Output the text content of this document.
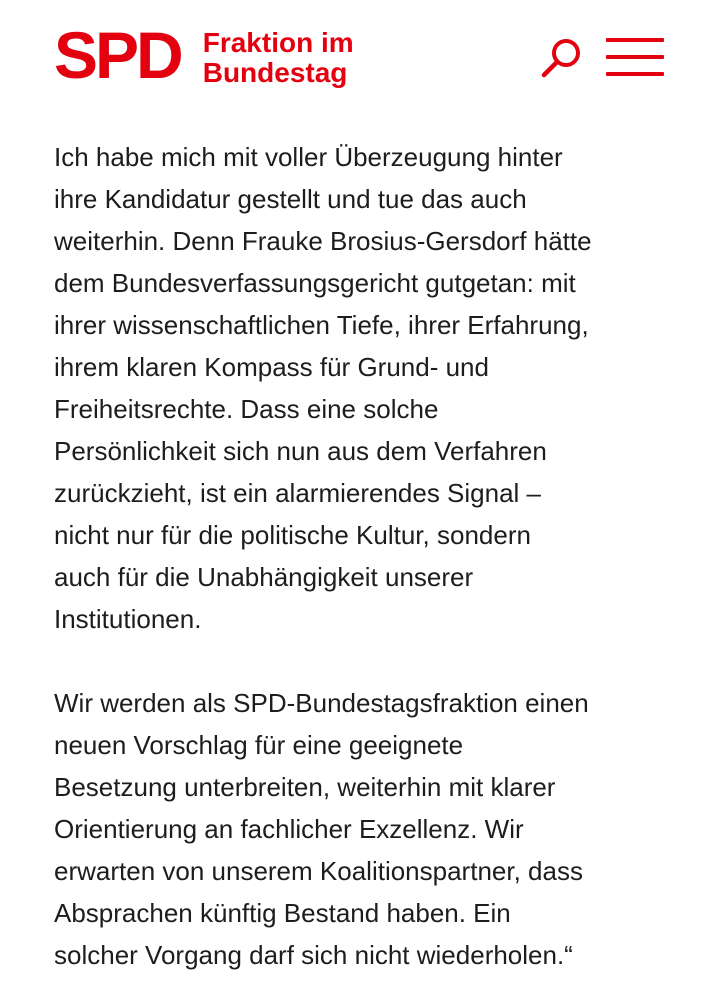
SPD Fraktion im
Bundestag

Ich habe mich mit voller Überzeugung hinter
ihre Kandidatur gestellt und tue das auch
weiterhin. Denn Frauke Brosius-Gersdorf hätte
dem Bundesverfassungsgericht gutgetan: mit
ihrer wissenschaftlichen Tiefe, ihrer Erfahrung,
ihrem klaren Kompass für Grund- und
Freiheitsrechte. Dass eine solche
Persönlichkeit sich nun aus dem Verfahren
zurückzieht, ist ein alarmierendes Signal –
nicht nur für die politische Kultur, sondern
auch für die Unabhängigkeit unserer
Institutionen.

Wir werden als SPD-Bundestagsfraktion einen
neuen Vorschlag für eine geeignete
Besetzung unterbreiten, weiterhin mit klarer
Orientierung an fachlicher Exzellenz. Wir
erwarten von unserem Koalitionspartner, dass
Absprachen künftig Bestand haben. Ein
solcher Vorgang darf sich nicht wiederholen.“
